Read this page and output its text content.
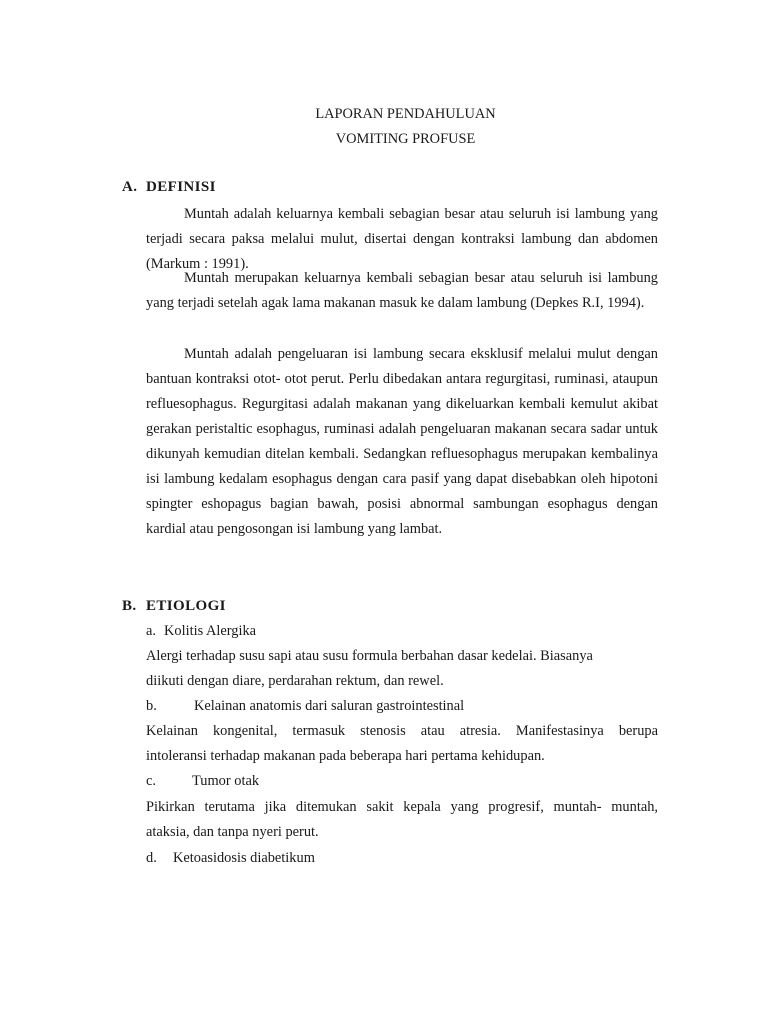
LAPORAN PENDAHULUAN
VOMITING PROFUSE
A. DEFINISI
Muntah adalah keluarnya kembali sebagian besar atau seluruh isi lambung yang terjadi secara paksa melalui mulut, disertai dengan kontraksi lambung dan abdomen (Markum : 1991).
Muntah merupakan keluarnya kembali sebagian besar atau seluruh isi lambung yang terjadi setelah agak lama makanan masuk ke dalam lambung (Depkes R.I, 1994).
Muntah adalah pengeluaran isi lambung secara eksklusif melalui mulut dengan bantuan kontraksi otot- otot perut. Perlu dibedakan antara regurgitasi, ruminasi, ataupun refluesophagus. Regurgitasi adalah makanan yang dikeluarkan kembali kemulut akibat gerakan peristaltic esophagus, ruminasi adalah pengeluaran makanan secara sadar untuk dikunyah kemudian ditelan kembali. Sedangkan refluesophagus merupakan kembalinya isi lambung kedalam esophagus dengan cara pasif yang dapat disebabkan oleh hipotoni spingter eshopagus bagian bawah, posisi abnormal sambungan esophagus dengan kardial atau pengosongan isi lambung yang lambat.
B. ETIOLOGI
a. Kolitis Alergika
Alergi terhadap susu sapi atau susu formula berbahan dasar kedelai. Biasanya
diikuti dengan diare, perdarahan rektum, dan rewel.
b.	Kelainan anatomis dari saluran gastrointestinal
Kelainan kongenital, termasuk stenosis atau atresia. Manifestasinya berupa
intoleransi terhadap makanan pada beberapa hari pertama kehidupan.
c.	Tumor otak
Pikirkan terutama jika ditemukan sakit kepala yang progresif, muntah- muntah,
ataksia, dan tanpa nyeri perut.
d. Ketoasidosis diabetikum
